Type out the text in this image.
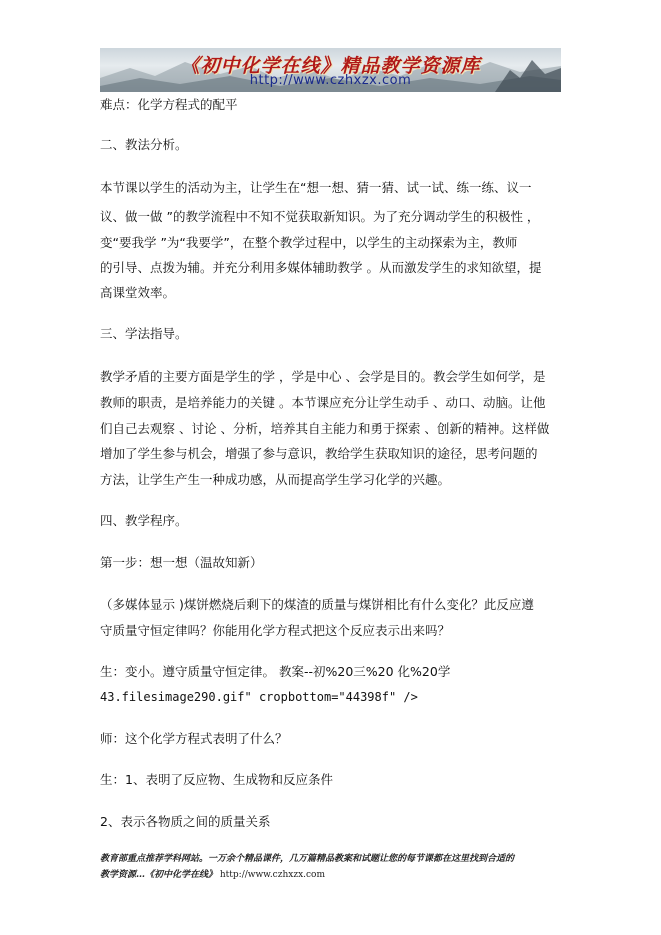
《初中化学在线》精品教学资源库
http://www.czhxzx.com
难点：化学方程式的配平
二、教法分析。
本节课以学生的活动为主，让学生在“想一想、猜一猜、试一试、练一练、议一
议、做一做 ”的教学流程中不知不觉获取新知识。为了充分调动学生的积极性 ，
变“要我学 ”为“我要学”，在整个教学过程中，以学生的主动探索为主，教师
的引导、点拨为辅。并充分利用多媒体辅助教学 。从而激发学生的求知欲望，提
高课堂效率。
三、学法指导。
教学矛盾的主要方面是学生的学 ，学是中心 、会学是目的。教会学生如何学，是
教师的职责，是培养能力的关键 。本节课应充分让学生动手 、动口、动脑。让他
们自己去观察 、讨论 、分析，培养其自主能力和勇于探索 、创新的精神。这样做
增加了学生参与机会，增强了参与意识，教给学生获取知识的途径，思考问题的
方法，让学生产生一种成功感，从而提高学生学习化学的兴趣。
四、教学程序。
第一步：想一想（温故知新）
（多媒体显示 )煤饼燃烧后剩下的煤渣的质量与煤饼相比有什么变化？此反应遵
守质量守恒定律吗？你能用化学方程式把这个反应表示出来吗？
生：变小。遵守质量守恒定律。 教案--初%20三%20 化%20学
43.filesimage290.gif" cropbottom="44398f" />
师：这个化学方程式表明了什么？
生：1、表明了反应物、生成物和反应条件
2、表示各物质之间的质量关系
教育部重点推荐学科网站。一万余个精品课件，几万篇精品教案和试题让您的每节课都在这里找到合适的
教学资源…《初中化学在线》 http://www.czhxzx.com
